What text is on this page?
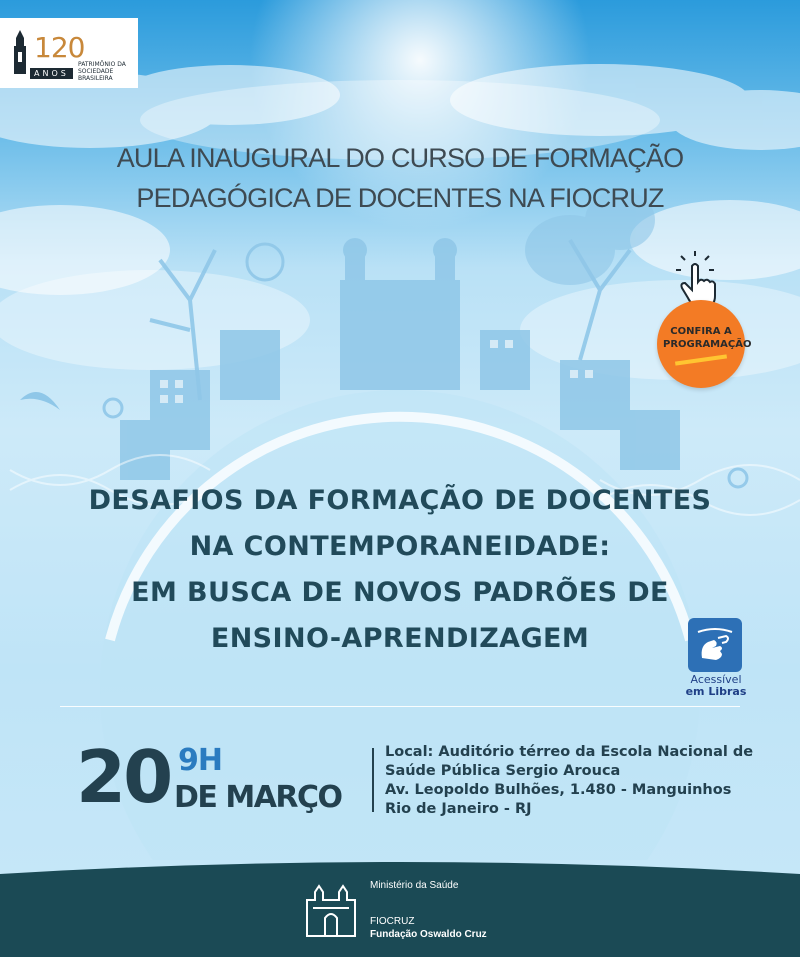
120
ANOS
PATRIMÔNIO DA SOCIEDADE BRASILEIRA
AULA INAUGURAL DO CURSO DE FORMAÇÃO
PEDAGÓGICA DE DOCENTES NA FIOCRUZ
CONFIRA A
PROGRAMAÇÃO
DESAFIOS DA FORMAÇÃO DE DOCENTES
NA CONTEMPORANEIDADE:
EM BUSCA DE NOVOS PADRÕES DE
ENSINO-APRENDIZAGEM
Acessível
em Libras
20 9H
DE MARÇO
Local: Auditório térreo da Escola Nacional de
Saúde Pública Sergio Arouca
Av. Leopoldo Bulhões, 1.480 - Manguinhos
Rio de Janeiro - RJ
Ministério da Saúde
FIOCRUZ
Fundação Oswaldo Cruz
